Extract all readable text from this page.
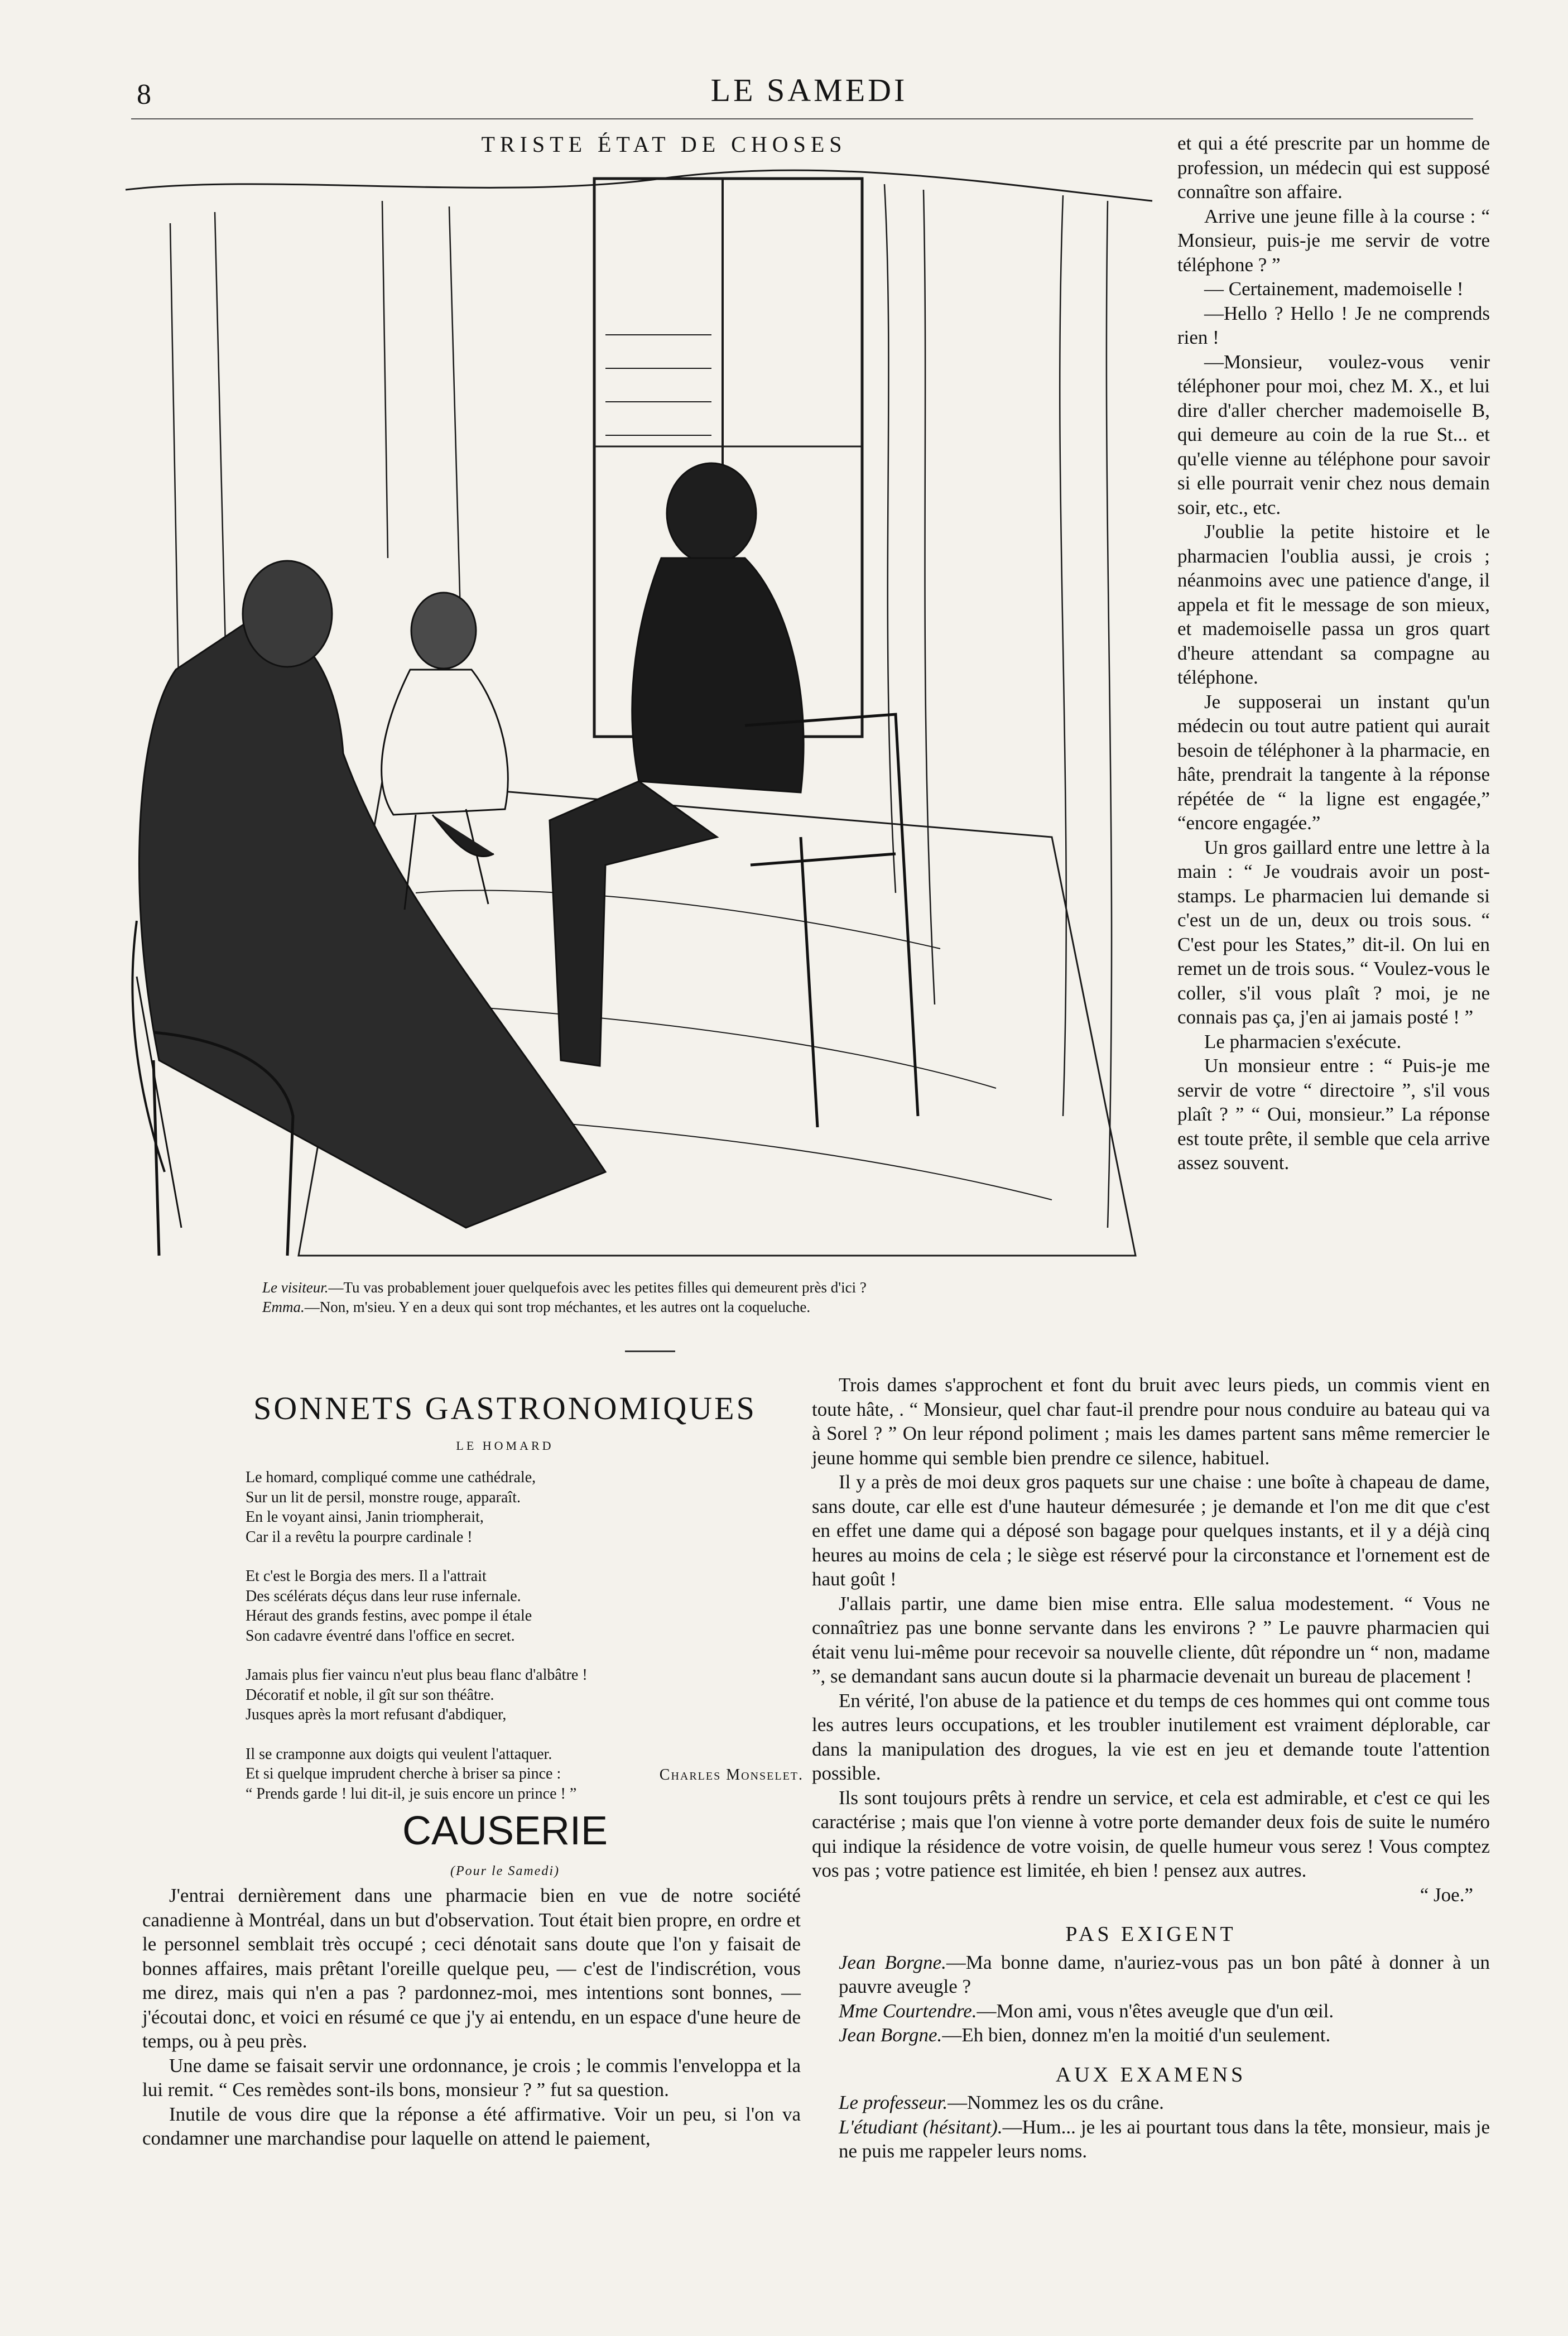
8	LE SAMEDI
TRISTE ÉTAT DE CHOSES

Le visiteur.—Tu vas probablement jouer quelquefois avec les petites filles qui demeurent près d'ici ?

Emma.—Non, m'sieu. Y en a deux qui sont trop méchantes, et les autres ont la coqueluche.

et qui a été prescrite par un homme de profession, un médecin qui est supposé connaître son affaire.

Arrive une jeune fille à la course : “ Monsieur, puis-je me servir de votre téléphone ? ”

— Certainement, mademoiselle !

—Hello ? Hello ! Je ne comprends rien !

—Monsieur, voulez-vous venir téléphoner pour moi, chez M. X., et lui dire d'aller chercher mademoiselle B, qui demeure au coin de la rue St... et qu'elle vienne au téléphone pour savoir si elle pourrait venir chez nous demain soir, etc., etc.

J'oublie la petite histoire et le pharmacien l'oublia aussi, je crois ; néanmoins avec une patience d'ange, il appela et fit le message de son mieux, et mademoiselle passa un gros quart d'heure attendant sa compagne au téléphone.

Je supposerai un instant qu'un médecin ou tout autre patient qui aurait besoin de téléphoner à la pharmacie, en hâte, prendrait la tangente à la réponse répétée de “ la ligne est engagée,” “encore engagée.”

Un gros gaillard entre une lettre à la main : “ Je voudrais avoir un post-stamps. Le pharmacien lui demande si c'est un de un, deux ou trois sous. “ C'est pour les States,” dit-il. On lui en remet un de trois sous. “ Voulez-vous le coller, s'il vous plaît ? moi, je ne connais pas ça, j'en ai jamais posté ! ”

Le pharmacien s'exécute.

Un monsieur entre : “ Puis-je me servir de votre “ directoire ”, s'il vous plaît ? ” “ Oui, monsieur.” La réponse est toute prête, il semble que cela arrive assez souvent.

SONNETS GASTRONOMIQUES
LE HOMARD
Le homard, compliqué comme une cathédrale,
Sur un lit de persil, monstre rouge, apparaît.
En le voyant ainsi, Janin triompherait,
Car il a revêtu la pourpre cardinale !
Et c'est le Borgia des mers. Il a l'attrait
Des scélérats déçus dans leur ruse infernale.
Héraut des grands festins, avec pompe il étale
Son cadavre éventré dans l'office en secret.
Jamais plus fier vaincu n'eut plus beau flanc d'albâtre !
Décoratif et noble, il gît sur son théâtre.
Jusques après la mort refusant d'abdiquer,
Il se cramponne aux doigts qui veulent l'attaquer.
Et si quelque imprudent cherche à briser sa pince :
“ Prends garde ! lui dit-il, je suis encore un prince ! ”
Charles Monselet.
CAUSERIE
(Pour le Samedi)

J'entrai dernièrement dans une pharmacie bien en vue de notre société canadienne à Montréal, dans un but d'observation. Tout était bien propre, en ordre et le personnel semblait très occupé ; ceci dénotait sans doute que l'on y faisait de bonnes affaires, mais prêtant l'oreille quelque peu, — c'est de l'indiscrétion, vous me direz, mais qui n'en a pas ? pardonnez-moi, mes intentions sont bonnes, — j'écoutai donc, et voici en résumé ce que j'y ai entendu, en un espace d'une heure de temps, ou à peu près.

Une dame se faisait servir une ordonnance, je crois ; le commis l'enveloppa et la lui remit. “ Ces remèdes sont-ils bons, monsieur ? ” fut sa question.

Inutile de vous dire que la réponse a été affirmative. Voir un peu, si l'on va condamner une marchandise pour laquelle on attend le paiement,

Trois dames s'approchent et font du bruit avec leurs pieds, un commis vient en toute hâte, . “ Monsieur, quel char faut-il prendre pour nous conduire au bateau qui va à Sorel ? ” On leur répond poliment ; mais les dames partent sans même remercier le jeune homme qui semble bien prendre ce silence, habituel.

Il y a près de moi deux gros paquets sur une chaise : une boîte à chapeau de dame, sans doute, car elle est d'une hauteur démesurée ; je demande et l'on me dit que c'est en effet une dame qui a déposé son bagage pour quelques instants, et il y a déjà cinq heures au moins de cela ; le siège est réservé pour la circonstance et l'ornement est de haut goût !

J'allais partir, une dame bien mise entra. Elle salua modestement. “ Vous ne connaîtriez pas une bonne servante dans les environs ? ” Le pauvre pharmacien qui était venu lui-même pour recevoir sa nouvelle cliente, dût répondre un “ non, madame ”, se demandant sans aucun doute si la pharmacie devenait un bureau de placement !

En vérité, l'on abuse de la patience et du temps de ces hommes qui ont comme tous les autres leurs occupations, et les troubler inutilement est vraiment déplorable, car dans la manipulation des drogues, la vie est en jeu et demande toute l'attention possible.

Ils sont toujours prêts à rendre un service, et cela est admirable, et c'est ce qui les caractérise ; mais que l'on vienne à votre porte demander deux fois de suite le numéro qui indique la résidence de votre voisin, de quelle humeur vous serez ! Vous comptez vos pas ; votre patience est limitée, eh bien ! pensez aux autres.

“ Joe.”

PAS EXIGENT

Jean Borgne.—Ma bonne dame, n'auriez-vous pas un bon pâté à donner à un pauvre aveugle ?

Mme Courtendre.—Mon ami, vous n'êtes aveugle que d'un œil.

Jean Borgne.—Eh bien, donnez m'en la moitié d'un seulement.

AUX EXAMENS

Le professeur.—Nommez les os du crâne.

L'étudiant (hésitant).—Hum... je les ai pourtant tous dans la tête, monsieur, mais je ne puis me rappeler leurs noms.
